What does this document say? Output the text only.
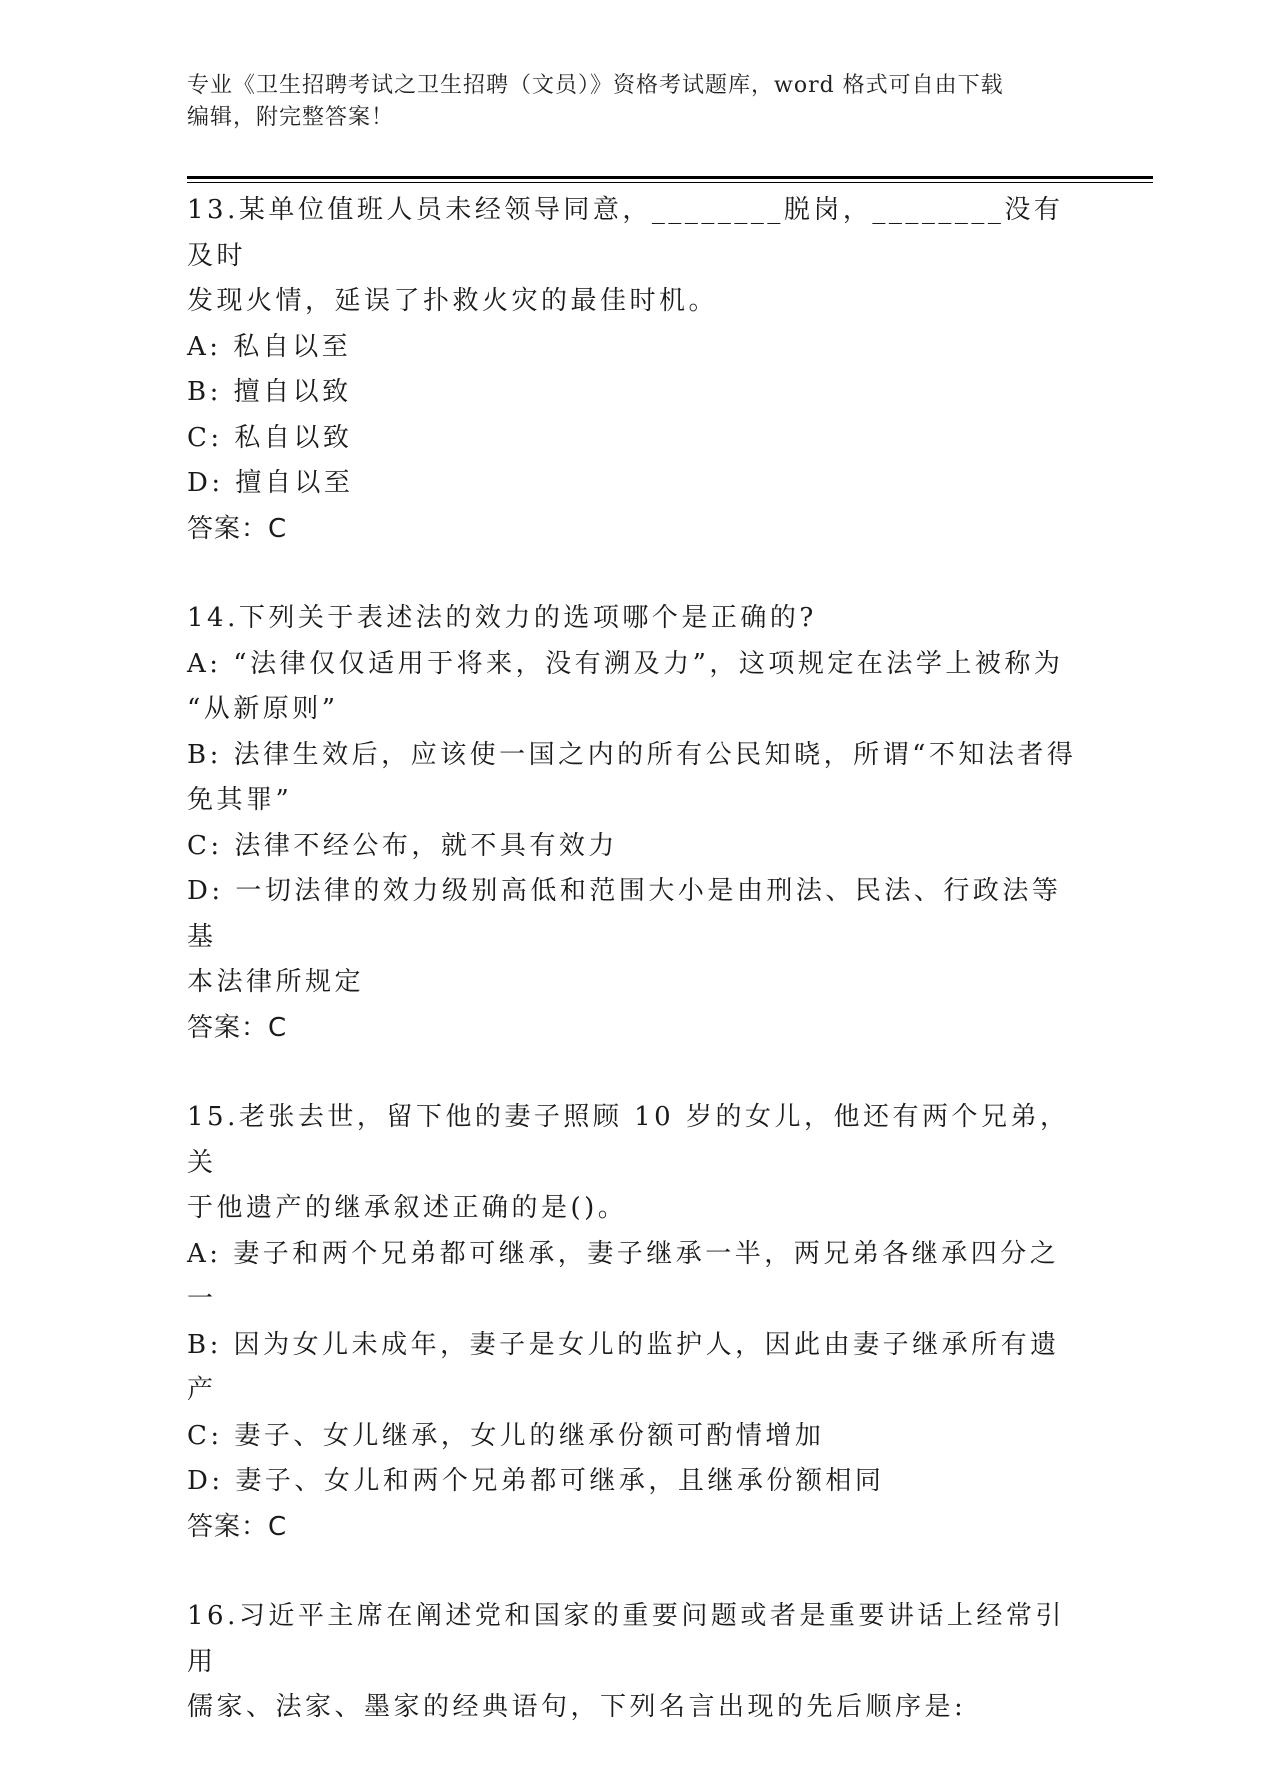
专业《卫生招聘考试之卫生招聘（文员）》资格考试题库，word 格式可自由下载
编辑，附完整答案！
13.某单位值班人员未经领导同意，________脱岗，________没有及时
发现火情，延误了扑救火灾的最佳时机。
A: 私自以至
B: 擅自以致
C: 私自以致
D: 擅自以至
答案：C
14.下列关于表述法的效力的选项哪个是正确的?
A: “法律仅仅适用于将来，没有溯及力”，这项规定在法学上被称为
“从新原则”
B: 法律生效后，应该使一国之内的所有公民知晓，所谓“不知法者得
免其罪”
C: 法律不经公布，就不具有效力
D: 一切法律的效力级别高低和范围大小是由刑法、民法、行政法等基
本法律所规定
答案：C
15.老张去世，留下他的妻子照顾 10 岁的女儿，他还有两个兄弟，关
于他遗产的继承叙述正确的是()。
A: 妻子和两个兄弟都可继承，妻子继承一半，两兄弟各继承四分之一
B: 因为女儿未成年，妻子是女儿的监护人，因此由妻子继承所有遗产
C: 妻子、女儿继承，女儿的继承份额可酌情增加
D: 妻子、女儿和两个兄弟都可继承，且继承份额相同
答案：C
16.习近平主席在阐述党和国家的重要问题或者是重要讲话上经常引用
儒家、法家、墨家的经典语句，下列名言出现的先后顺序是:
